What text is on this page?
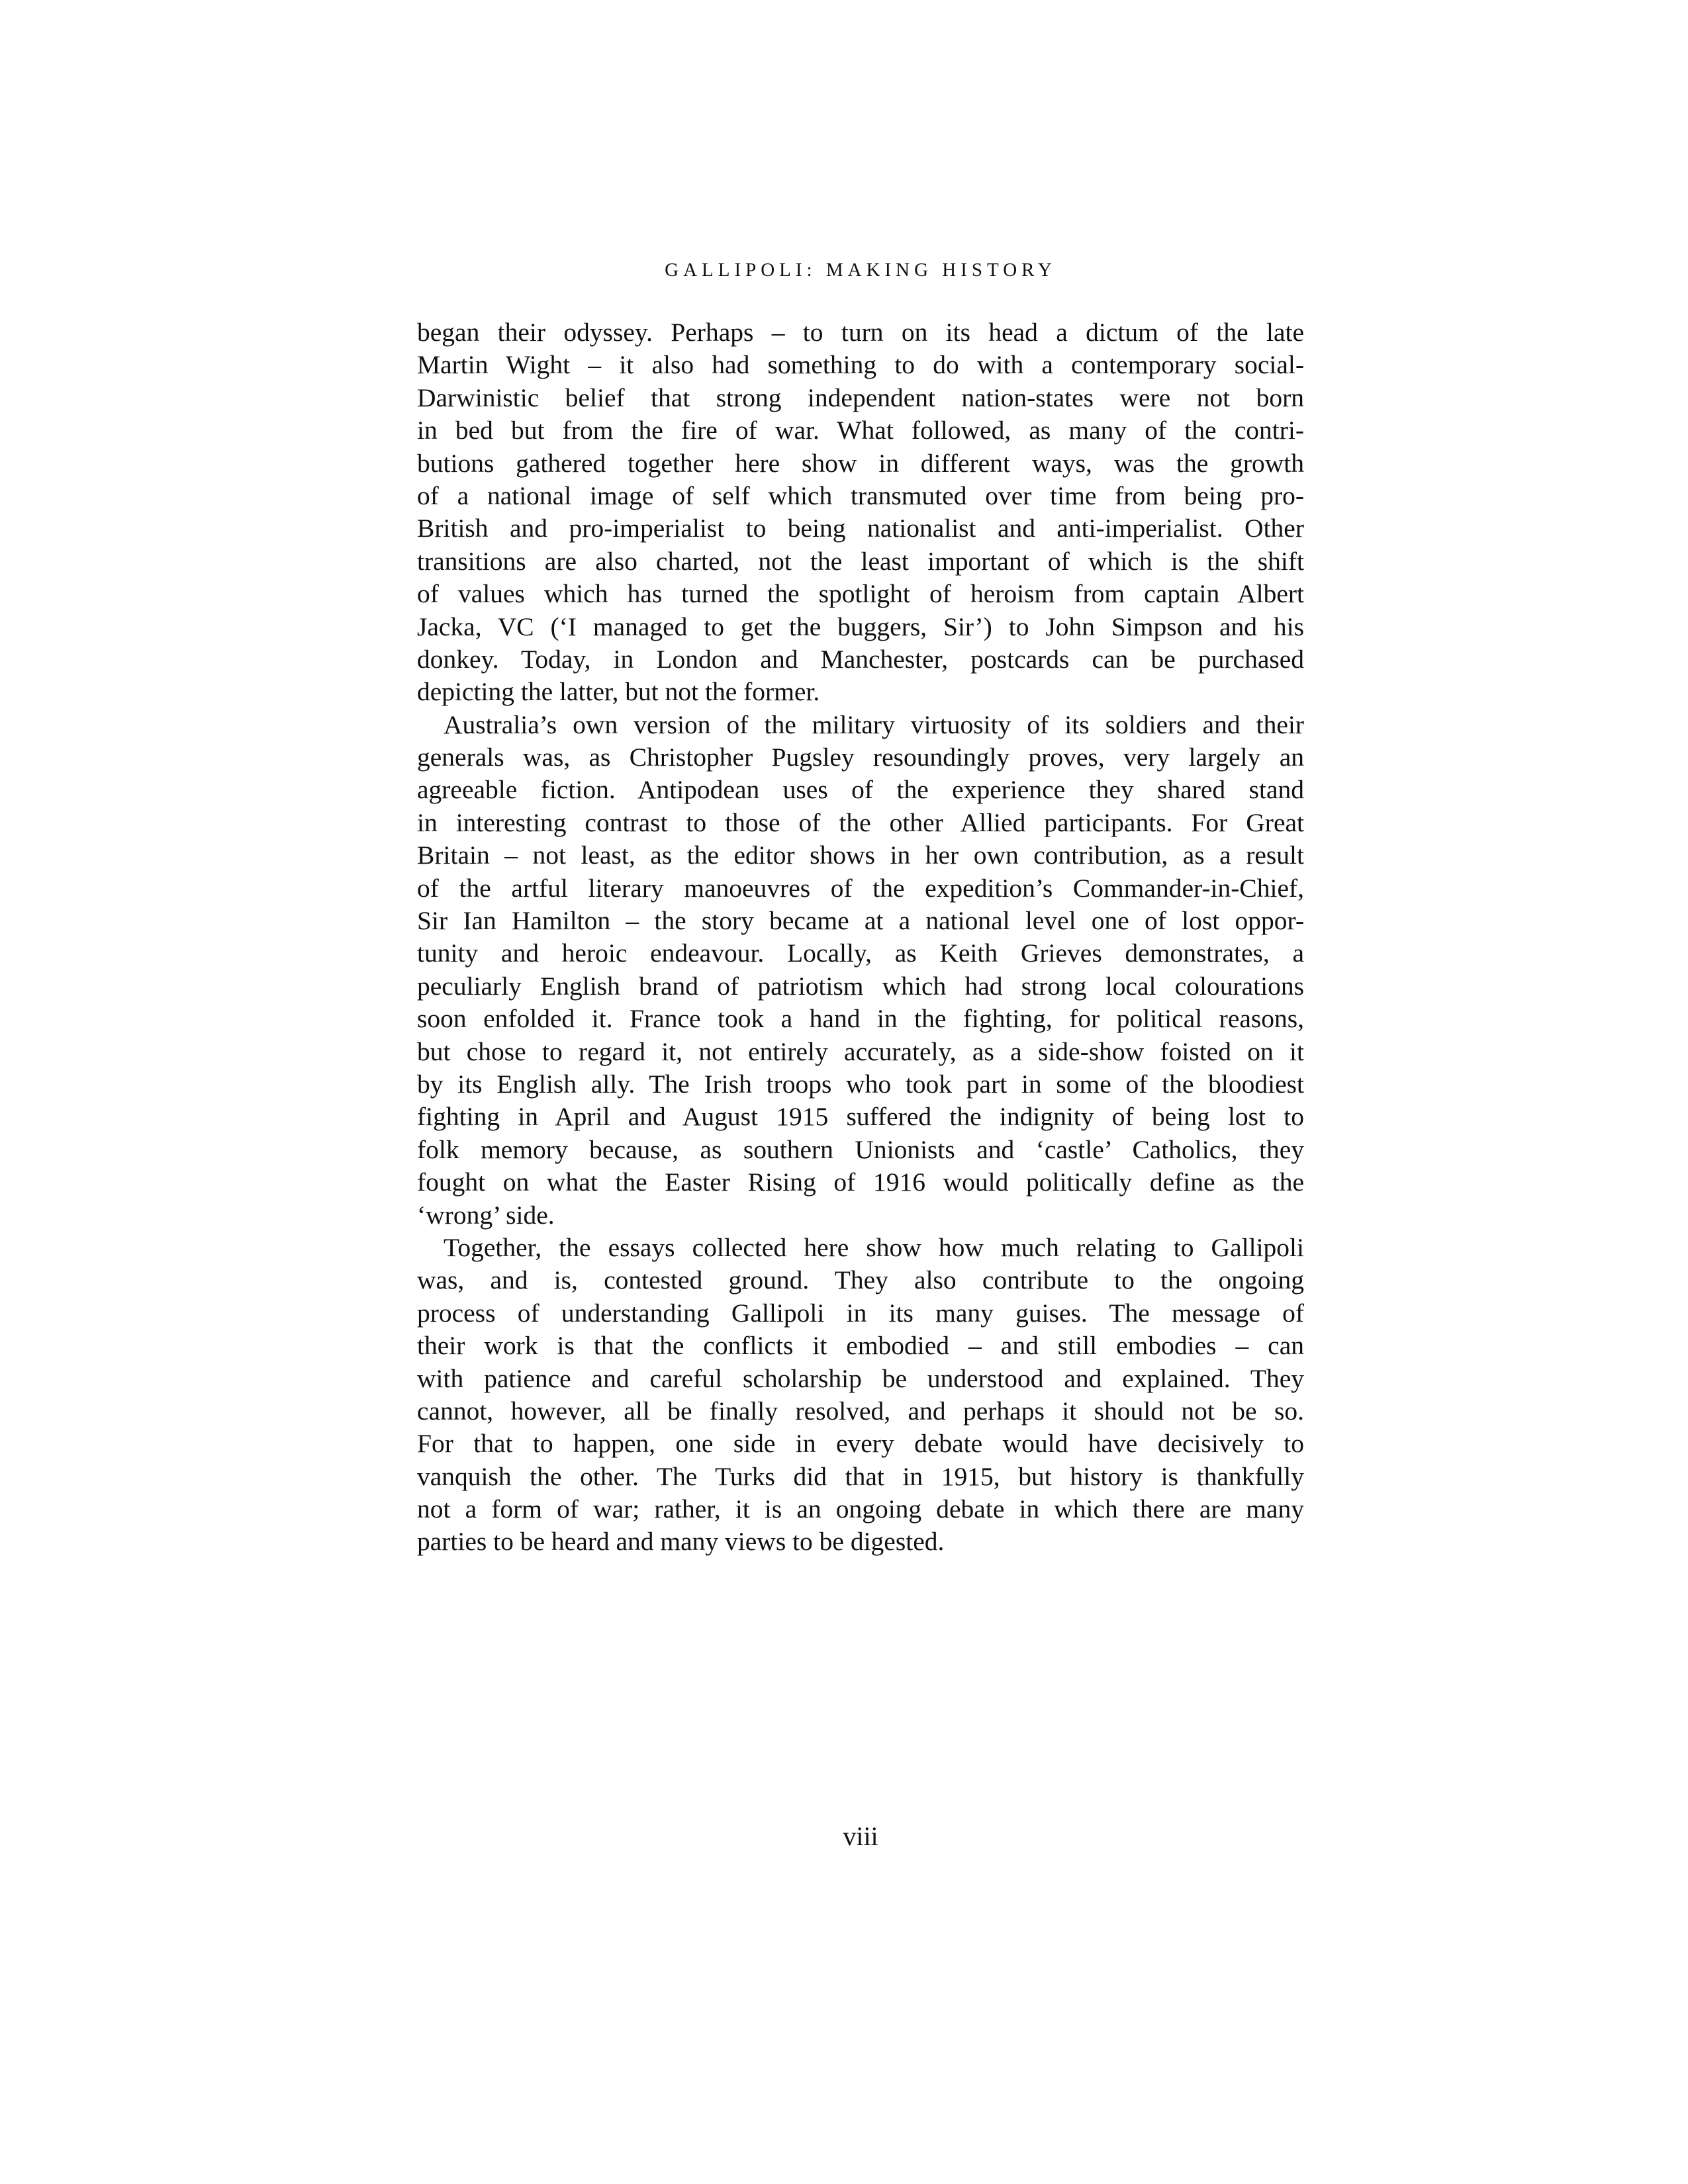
GALLIPOLI: MAKING HISTORY
began their odyssey. Perhaps – to turn on its head a dictum of the late
Martin Wight – it also had something to do with a contemporary social-
Darwinistic belief that strong independent nation-states were not born
in bed but from the fire of war. What followed, as many of the contri-
butions gathered together here show in different ways, was the growth
of a national image of self which transmuted over time from being pro-
British and pro-imperialist to being nationalist and anti-imperialist. Other
transitions are also charted, not the least important of which is the shift
of values which has turned the spotlight of heroism from captain Albert
Jacka, VC (‘I managed to get the buggers, Sir’) to John Simpson and his
donkey. Today, in London and Manchester, postcards can be purchased
depicting the latter, but not the former.
Australia’s own version of the military virtuosity of its soldiers and their
generals was, as Christopher Pugsley resoundingly proves, very largely an
agreeable fiction. Antipodean uses of the experience they shared stand
in interesting contrast to those of the other Allied participants. For Great
Britain – not least, as the editor shows in her own contribution, as a result
of the artful literary manoeuvres of the expedition’s Commander-in-Chief,
Sir Ian Hamilton – the story became at a national level one of lost oppor-
tunity and heroic endeavour. Locally, as Keith Grieves demonstrates, a
peculiarly English brand of patriotism which had strong local colourations
soon enfolded it. France took a hand in the fighting, for political reasons,
but chose to regard it, not entirely accurately, as a side-show foisted on it
by its English ally. The Irish troops who took part in some of the bloodiest
fighting in April and August 1915 suffered the indignity of being lost to
folk memory because, as southern Unionists and ‘castle’ Catholics, they
fought on what the Easter Rising of 1916 would politically define as the
‘wrong’ side.
Together, the essays collected here show how much relating to Gallipoli
was, and is, contested ground. They also contribute to the ongoing
process of understanding Gallipoli in its many guises. The message of
their work is that the conflicts it embodied – and still embodies – can
with patience and careful scholarship be understood and explained. They
cannot, however, all be finally resolved, and perhaps it should not be so.
For that to happen, one side in every debate would have decisively to
vanquish the other. The Turks did that in 1915, but history is thankfully
not a form of war; rather, it is an ongoing debate in which there are many
parties to be heard and many views to be digested.
viii
